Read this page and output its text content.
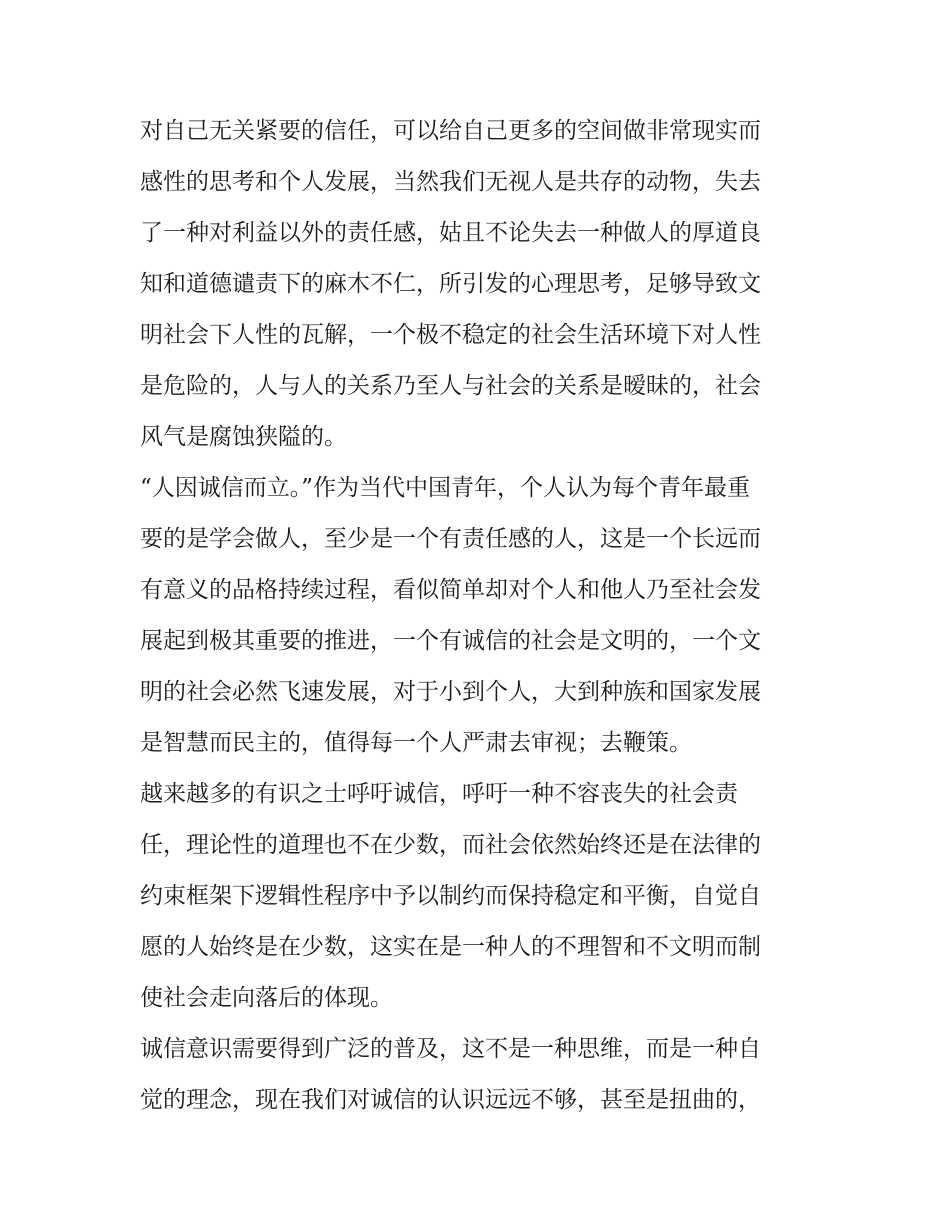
对自己无关紧要的信任，可以给自己更多的空间做非常现实而
感性的思考和个人发展，当然我们无视人是共存的动物，失去
了一种对利益以外的责任感，姑且不论失去一种做人的厚道良
知和道德谴责下的麻木不仁，所引发的心理思考，足够导致文
明社会下人性的瓦解，一个极不稳定的社会生活环境下对人性
是危险的，人与人的关系乃至人与社会的关系是暧昧的，社会
风气是腐蚀狭隘的。
“人因诚信而立。”作为当代中国青年，个人认为每个青年最重
要的是学会做人，至少是一个有责任感的人，这是一个长远而
有意义的品格持续过程，看似简单却对个人和他人乃至社会发
展起到极其重要的推进，一个有诚信的社会是文明的，一个文
明的社会必然飞速发展，对于小到个人，大到种族和国家发展
是智慧而民主的，值得每一个人严肃去审视；去鞭策。
越来越多的有识之士呼吁诚信，呼吁一种不容丧失的社会责
任，理论性的道理也不在少数，而社会依然始终还是在法律的
约束框架下逻辑性程序中予以制约而保持稳定和平衡，自觉自
愿的人始终是在少数，这实在是一种人的不理智和不文明而制
使社会走向落后的体现。
诚信意识需要得到广泛的普及，这不是一种思维，而是一种自
觉的理念，现在我们对诚信的认识远远不够，甚至是扭曲的，
